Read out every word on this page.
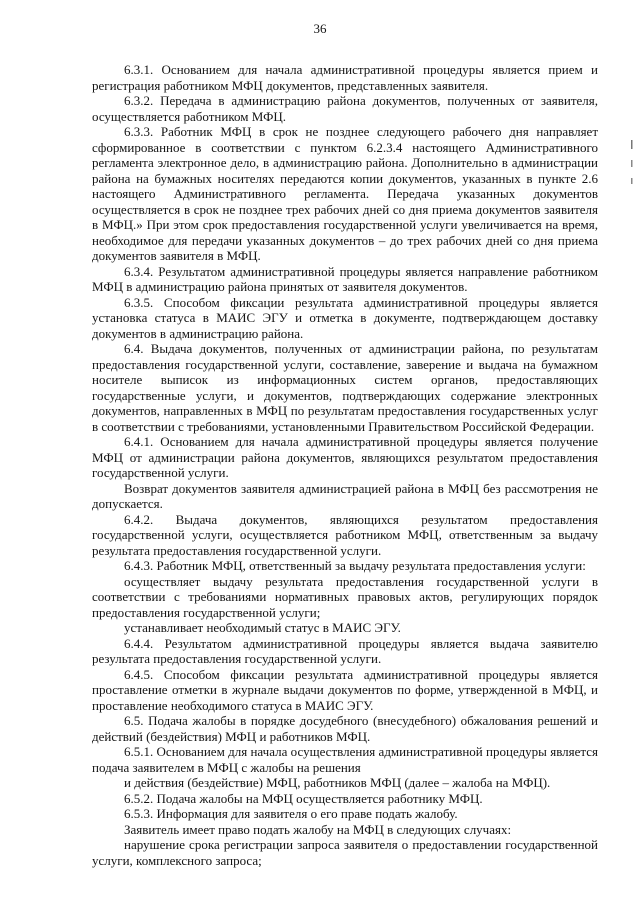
36

6.3.1. Основанием для начала административной процедуры является прием и регистрация работником МФЦ документов, представленных заявителя.

6.3.2. Передача в администрацию района документов, полученных от заявителя, осуществляется работником МФЦ.

6.3.3. Работник МФЦ в срок не позднее следующего рабочего дня направляет сформированное в соответствии с пунктом 6.2.3.4 настоящего Административного регламента электронное дело, в администрацию района. Дополнительно в администрации района на бумажных носителях передаются копии документов, указанных в пункте 2.6 настоящего Административного регламента. Передача указанных документов осуществляется в срок не позднее трех рабочих дней со дня приема документов заявителя в МФЦ.» При этом срок предоставления государственной услуги увеличивается на время, необходимое для передачи указанных документов – до трех рабочих дней со дня приема документов заявителя в МФЦ.

6.3.4. Результатом административной процедуры является направление работником МФЦ в администрацию района принятых от заявителя документов.

6.3.5. Способом фиксации результата административной процедуры является установка статуса в МАИС ЭГУ и отметка в документе, подтверждающем доставку документов в администрацию района.

6.4. Выдача документов, полученных от администрации района, по результатам предоставления государственной услуги, составление, заверение и выдача на бумажном носителе выписок из информационных систем органов, предоставляющих государственные услуги, и документов, подтверждающих содержание электронных документов, направленных в МФЦ по результатам предоставления государственных услуг в соответствии с требованиями, установленными Правительством Российской Федерации.

6.4.1. Основанием для начала административной процедуры является получение МФЦ от администрации района документов, являющихся результатом предоставления государственной услуги.

Возврат документов заявителя администрацией района в МФЦ без рассмотрения не допускается.

6.4.2. Выдача документов, являющихся результатом предоставления государственной услуги, осуществляется работником МФЦ, ответственным за выдачу результата предоставления государственной услуги.

6.4.3. Работник МФЦ, ответственный за выдачу результата предоставления услуги:

осуществляет выдачу результата предоставления государственной услуги в соответствии с требованиями нормативных правовых актов, регулирующих порядок предоставления государственной услуги;

устанавливает необходимый статус в МАИС ЭГУ.

6.4.4. Результатом административной процедуры является выдача заявителю результата предоставления государственной услуги.

6.4.5. Способом фиксации результата административной процедуры является проставление отметки в журнале выдачи документов по форме, утвержденной в МФЦ, и проставление необходимого статуса в МАИС ЭГУ.

6.5. Подача жалобы в порядке досудебного (внесудебного) обжалования решений и действий (бездействия) МФЦ и работников МФЦ.

6.5.1. Основанием для начала осуществления административной процедуры является подача заявителем в МФЦ с жалобы на решения

и действия (бездействие) МФЦ, работников МФЦ (далее – жалоба на МФЦ).

6.5.2. Подача жалобы на МФЦ осуществляется работнику МФЦ.

6.5.3. Информация для заявителя о его праве подать жалобу.

Заявитель имеет право подать жалобу на МФЦ в следующих случаях:

нарушение срока регистрации запроса заявителя о предоставлении государственной услуги, комплексного запроса;
